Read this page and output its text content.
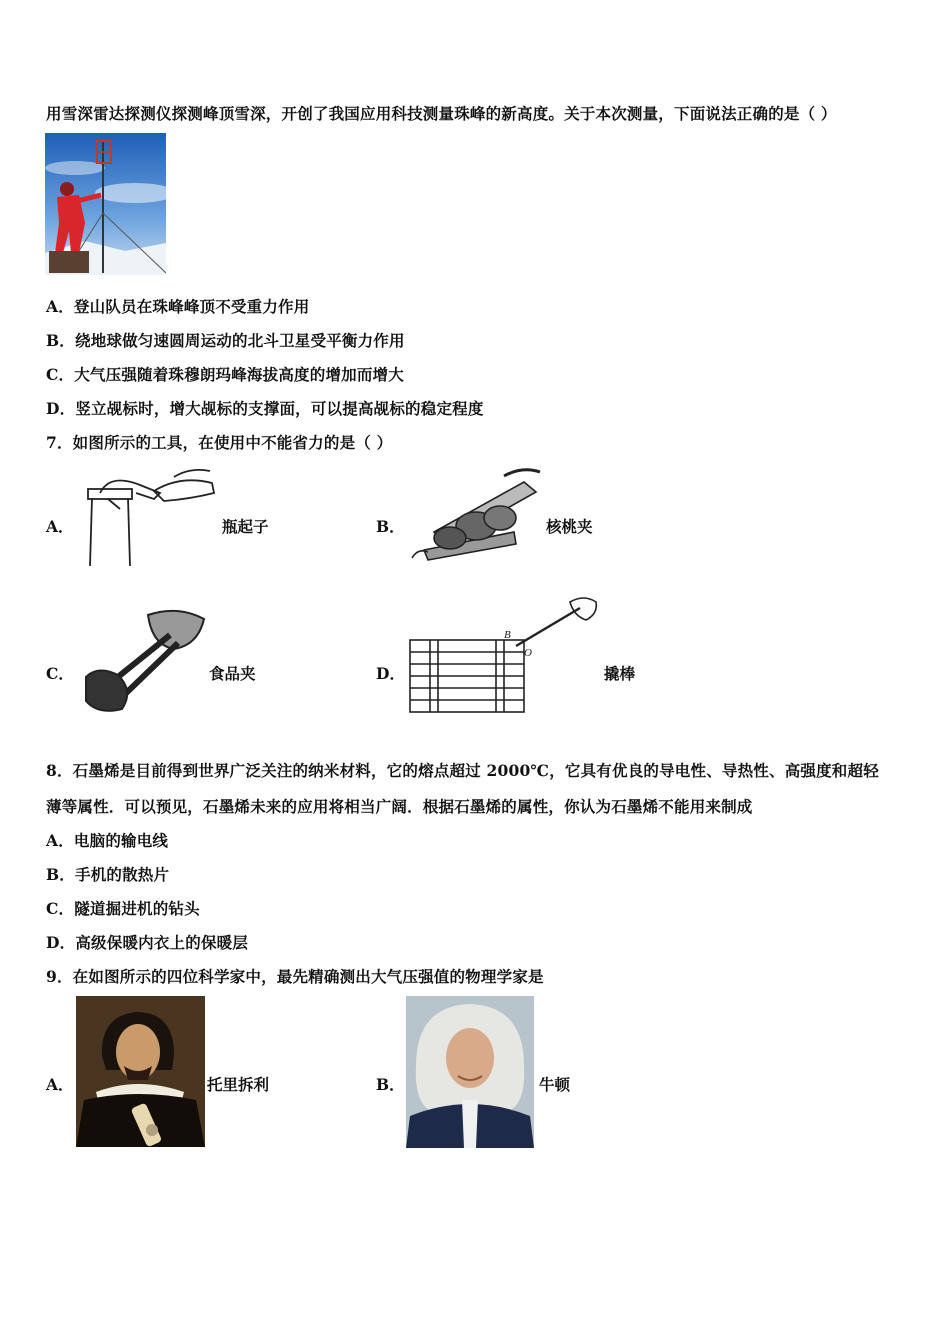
用雪深雷达探测仪探测峰顶雪深，开创了我国应用科技测量珠峰的新高度。关于本次测量，下面说法正确的是（ ）
A．登山队员在珠峰峰顶不受重力作用
B．绕地球做匀速圆周运动的北斗卫星受平衡力作用
C．大气压强随着珠穆朗玛峰海拔高度的增加而增大
D．竖立觇标时，增大觇标的支撑面，可以提高觇标的稳定程度
7．如图所示的工具，在使用中不能省力的是（ ）
A．	瓶起子	B．	核桃夹
C．	食品夹	D．
B
O
撬棒
8．石墨烯是目前得到世界广泛关注的纳米材料，它的熔点超过 2000℃，它具有优良的导电性、导热性、高强度和超轻
薄等属性．可以预见，石墨烯未来的应用将相当广阔．根据石墨烯的属性，你认为石墨烯不能用来制成
A．电脑的输电线
B．手机的散热片
C．隧道掘进机的钻头
D．高级保暖内衣上的保暖层
9．在如图所示的四位科学家中，最先精确测出大气压强值的物理学家是
A．	托里拆利	B．	牛顿
